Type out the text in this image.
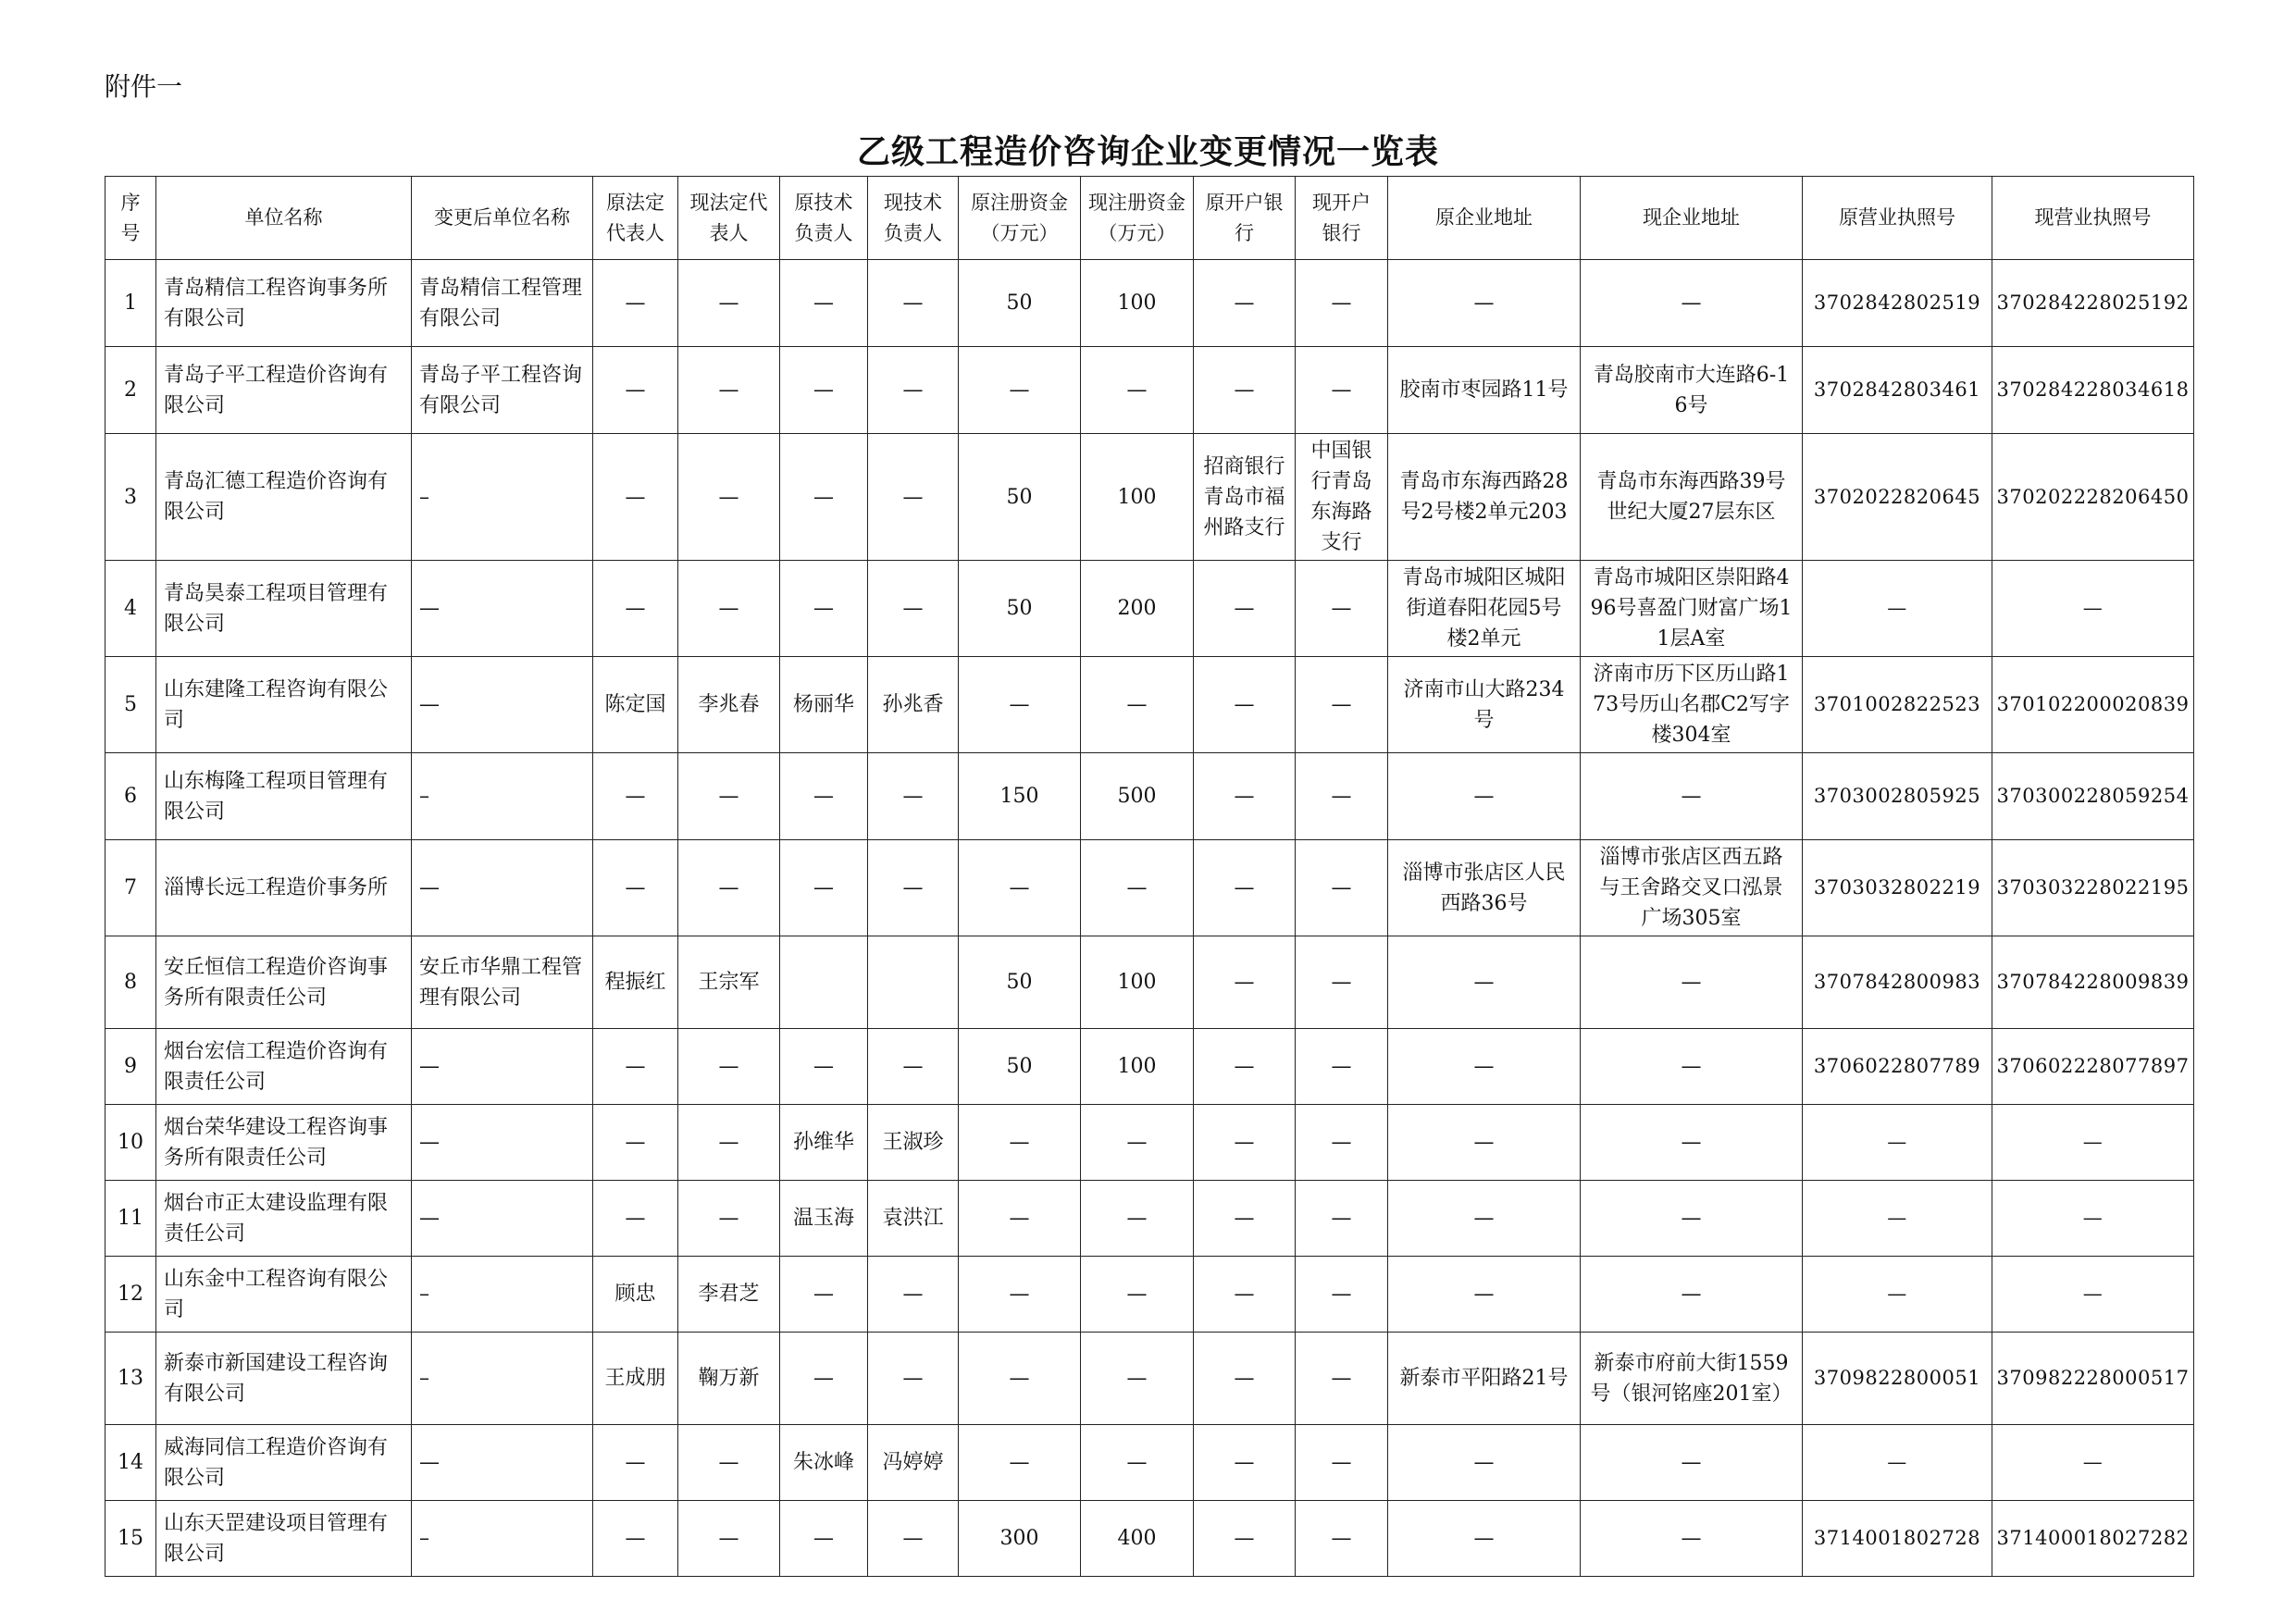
附件一
乙级工程造价咨询企业变更情况一览表
序号	单位名称	变更后单位名称	原法定代表人	现法定代表人	原技术负责人	现技术负责人	原注册资金（万元）	现注册资金（万元）	原开户银行	现开户银行	原企业地址	现企业地址	原营业执照号	现营业执照号
1	青岛精信工程咨询事务所有限公司	青岛精信工程管理有限公司	—	—	—	—	50	100	—	—	—	—	3702842802519	370284228025192
2	青岛子平工程造价咨询有限公司	青岛子平工程咨询有限公司	—	—	—	—	—	—	—	—	胶南市枣园路11号	青岛胶南市大连路6-16号	3702842803461	370284228034618
3	青岛汇德工程造价咨询有限公司	–	—	—	—	—	50	100	招商银行青岛市福州路支行	中国银行青岛东海路支行	青岛市东海西路28号2号楼2单元203	青岛市东海西路39号世纪大厦27层东区	3702022820645	370202228206450
4	青岛昊泰工程项目管理有限公司	—	—	—	—	—	50	200	—	—	青岛市城阳区城阳街道春阳花园5号楼2单元	青岛市城阳区崇阳路496号喜盈门财富广场11层A室	—	—
5	山东建隆工程咨询有限公司	—	陈定国	李兆春	杨丽华	孙兆香	—	—	—	—	济南市山大路234号	济南市历下区历山路173号历山名郡C2写字楼304室	3701002822523	370102200020839
6	山东梅隆工程项目管理有限公司	–	—	—	—	—	150	500	—	—	—	—	3703002805925	370300228059254
7	淄博长远工程造价事务所	—	—	—	—	—	—	—	—	—	淄博市张店区人民西路36号	淄博市张店区西五路与王舍路交叉口泓景广场305室	3703032802219	370303228022195
8	安丘恒信工程造价咨询事务所有限责任公司	安丘市华鼎工程管理有限公司	程振红	王宗军			50	100	—	—	—	—	3707842800983	370784228009839
9	烟台宏信工程造价咨询有限责任公司	—	—	—	—	—	50	100	—	—	—	—	3706022807789	370602228077897
10	烟台荣华建设工程咨询事务所有限责任公司	—	—	—	孙维华	王淑珍	—	—	—	—	—	—	—	—
11	烟台市正太建设监理有限责任公司	—	—	—	温玉海	袁洪江	—	—	—	—	—	—	—	—
12	山东金中工程咨询有限公司	–	顾忠	李君芝	—	—	—	—	—	—	—	—	—	—
13	新泰市新国建设工程咨询有限公司	–	王成朋	鞠万新	—	—	—	—	—	—	新泰市平阳路21号	新泰市府前大街1559号（银河铭座201室）	3709822800051	370982228000517
14	威海同信工程造价咨询有限公司	—	—	—	朱冰峰	冯婷婷	—	—	—	—	—	—	—	—
15	山东天罡建设项目管理有限公司	–	—	—	—	—	300	400	—	—	—	—	3714001802728	371400018027282
